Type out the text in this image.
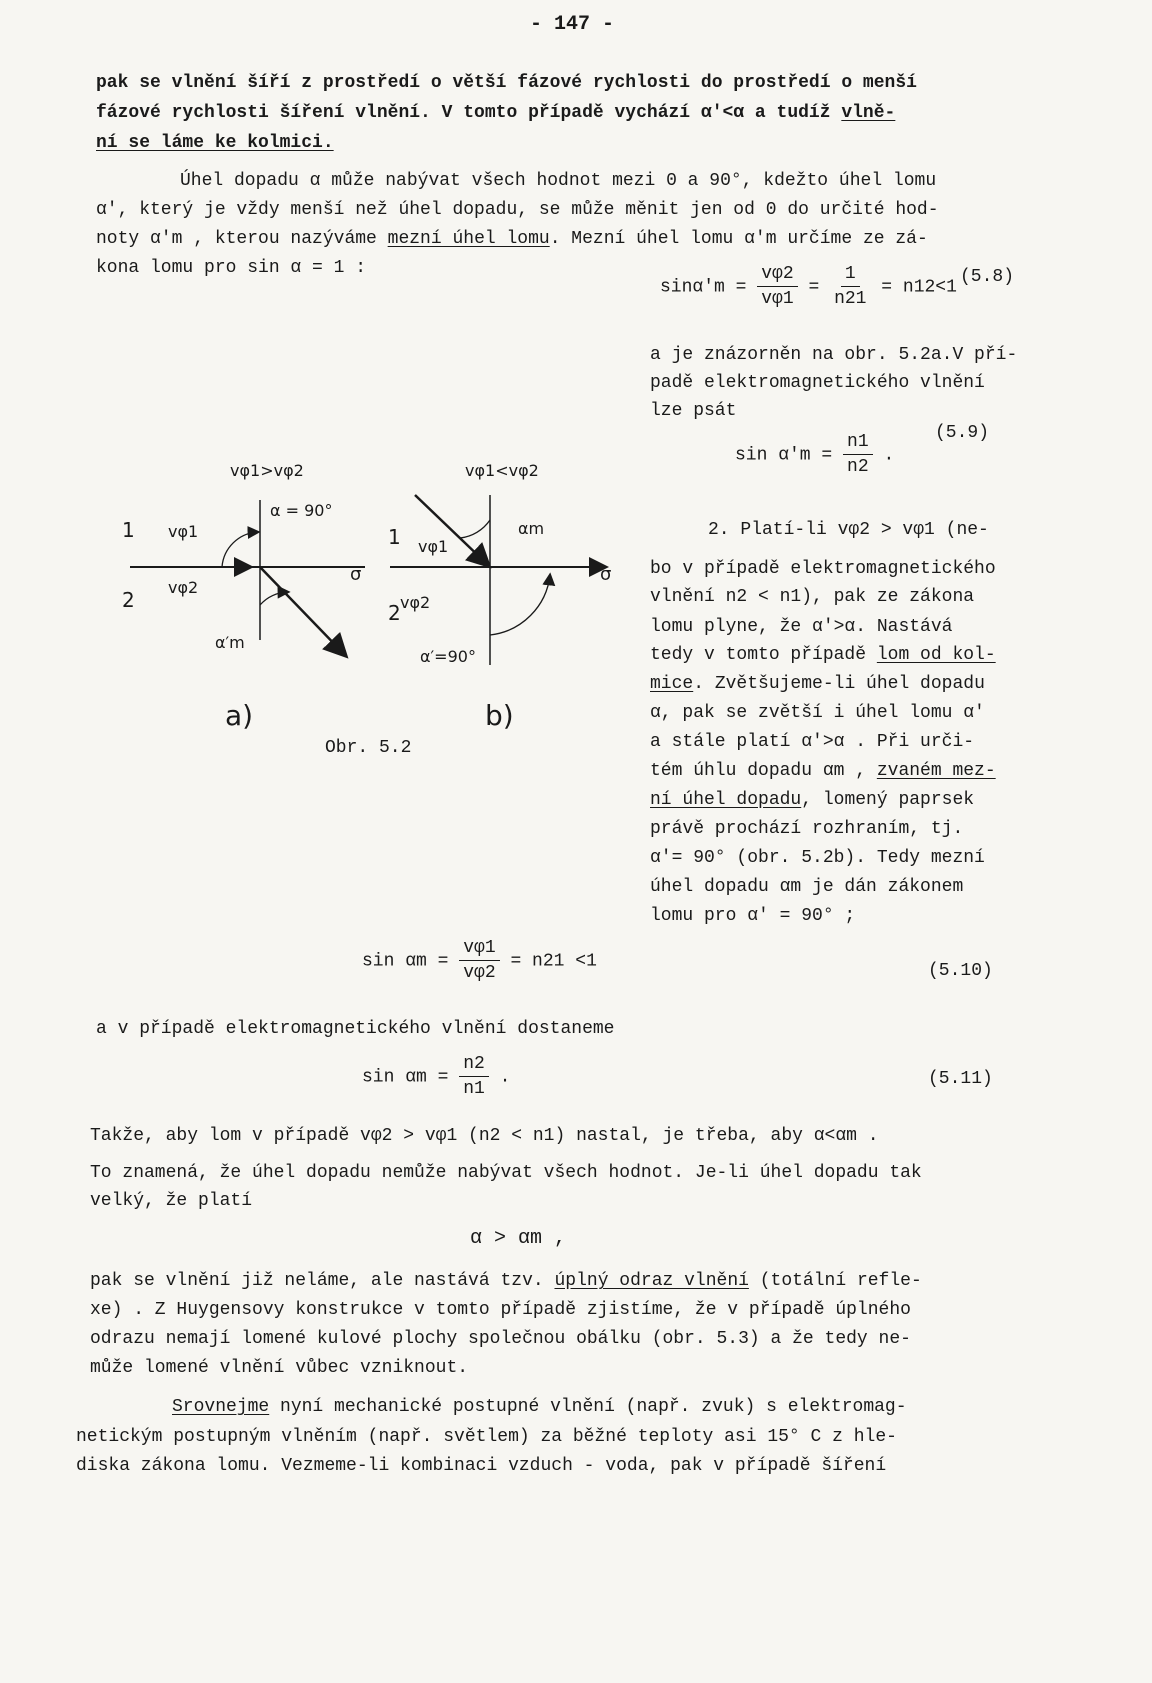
- 147 -
pak se vlnění šíří z prostředí o větší fázové rychlosti do prostředí o menší
fázové rychlosti šíření vlnění. V tomto případě vychází α′<α a tudíž vlně-
ní se láme ke kolmici.
Úhel dopadu α může nabývat všech hodnot mezi 0 a 90°, kdežto úhel lomu
α′, který je vždy menší než úhel dopadu, se může měnit jen od 0 do určité hod-
noty α′m , kterou nazýváme mezní úhel lomu. Mezní úhel lomu α′m určíme ze zá-
kona lomu pro sin α = 1 :
$\sin\alpha'm = \frac{v\varphi 2}{v\varphi 1} = \frac{1}{n21} = n12<1$
(5.8)
a je znázorněn na obr. 5.2a.V pří-
padě elektromagnetického vlnění
lze psát
$\sin \alpha'm = \frac{n1}{n2}$ .
(5.9)
2. Platí-li vφ2 > vφ1 (ne-
bo v případě elektromagnetického
vlnění n2 < n1), pak ze zákona
lomu plyne, že α′>α. Nastává
tedy v tomto případě lom od kol-
mice. Zvětšujeme-li úhel dopadu
α, pak se zvětší i úhel lomu α′
a stále platí α′>α . Při urči-
tém úhlu dopadu αm , zvaném mez-
ní úhel dopadu, lomený paprsek
právě prochází rozhraním, tj.
α′= 90° (obr. 5.2b). Tedy mezní
úhel dopadu αm je dán zákonem
lomu pro α′ = 90° ;
vφ1>vφ2
1
2
vφ1
vφ2
α = 90°
α′m
σ
a)
vφ1<vφ2
1
2
vφ1
vφ2
αm
α′=90°
σ
b)
Obr. 5.2
$\sin \alpha m = \frac{v\varphi 1}{v\varphi 2} = n21 <1$	(5.10)
a v případě elektromagnetického vlnění dostaneme
$\sin \alpha m = \frac{n2}{n1}$ .	(5.11)
Takže, aby lom v případě vφ2 > vφ1 (n2 < n1) nastal, je třeba, aby α<αm .
To znamená, že úhel dopadu nemůže nabývat všech hodnot. Je-li úhel dopadu tak
velký, že platí
α > αm ,
pak se vlnění již neláme, ale nastává tzv. úplný odraz vlnění (totální refle-
xe) . Z Huygensovy konstrukce v tomto případě zjistíme, že v případě úplného
odrazu nemají lomené kulové plochy společnou obálku (obr. 5.3) a že tedy ne-
může lomené vlnění vůbec vzniknout.
Srovnejme nyní mechanické postupné vlnění (např. zvuk) s elektromag-
netickým postupným vlněním (např. světlem) za běžné teploty asi 15° C z hle-
diska zákona lomu. Vezmeme-li kombinaci vzduch - voda, pak v případě šíření
